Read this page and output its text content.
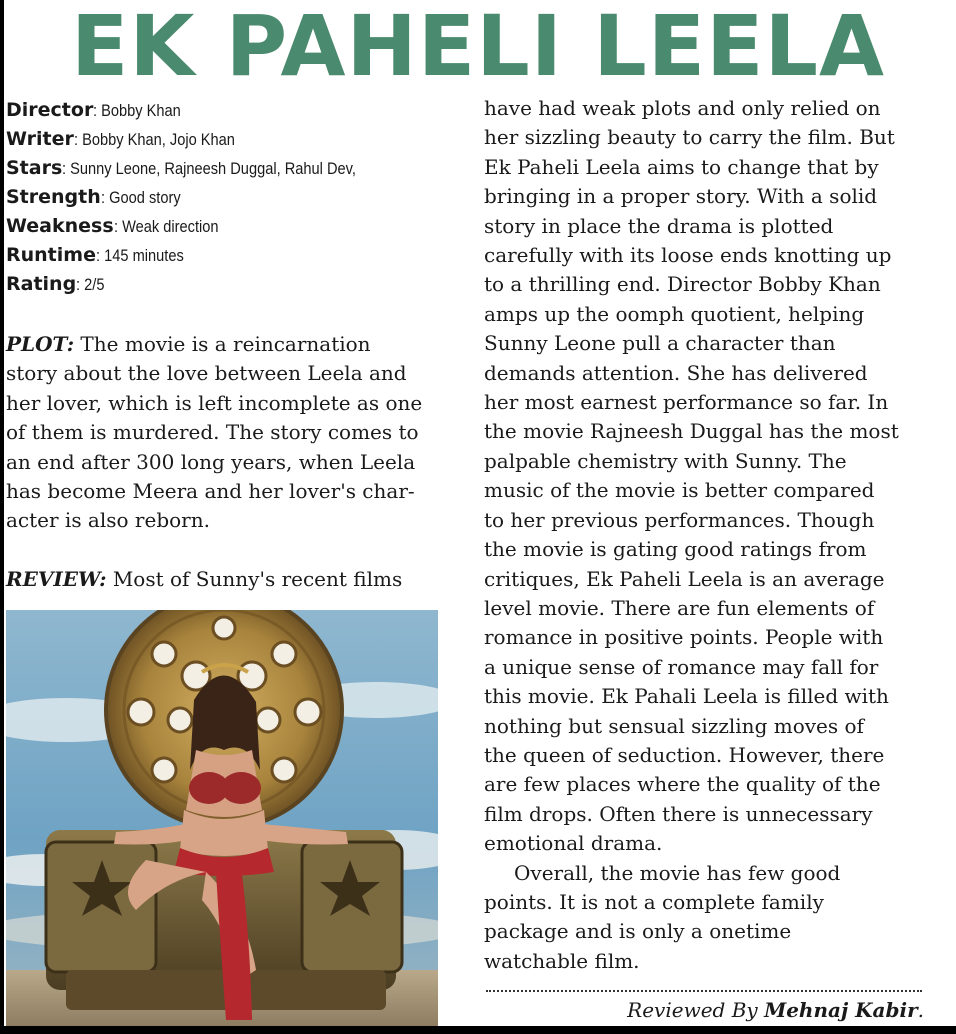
EK PAHELI LEELA
Director: Bobby Khan
Writer: Bobby Khan, Jojo Khan
Stars: Sunny Leone, Rajneesh Duggal, Rahul Dev,
Strength: Good story
Weakness: Weak direction
Runtime: 145 minutes
Rating: 2/5

PLOT: The movie is a reincarnation
story about the love between Leela and
her lover, which is left incomplete as one
of them is murdered. The story comes to
an end after 300 long years, when Leela
has become Meera and her lover's char-
acter is also reborn.

REVIEW: Most of Sunny's recent films

have had weak plots and only relied on
her sizzling beauty to carry the film. But
Ek Paheli Leela aims to change that by
bringing in a proper story. With a solid
story in place the drama is plotted
carefully with its loose ends knotting up
to a thrilling end. Director Bobby Khan
amps up the oomph quotient, helping
Sunny Leone pull a character than
demands attention. She has delivered
her most earnest performance so far. In
the movie Rajneesh Duggal has the most
palpable chemistry with Sunny. The
music of the movie is better compared
to her previous performances. Though
the movie is gating good ratings from
critiques, Ek Paheli Leela is an average
level movie. There are fun elements of
romance in positive points. People with
a unique sense of romance may fall for
this movie. Ek Pahali Leela is filled with
nothing but sensual sizzling moves of
the queen of seduction. However, there
are few places where the quality of the
film drops. Often there is unnecessary
emotional drama.

Overall, the movie has few good
points. It is not a complete family
package and is only a onetime
watchable film.

Reviewed By Mehnaj Kabir.
